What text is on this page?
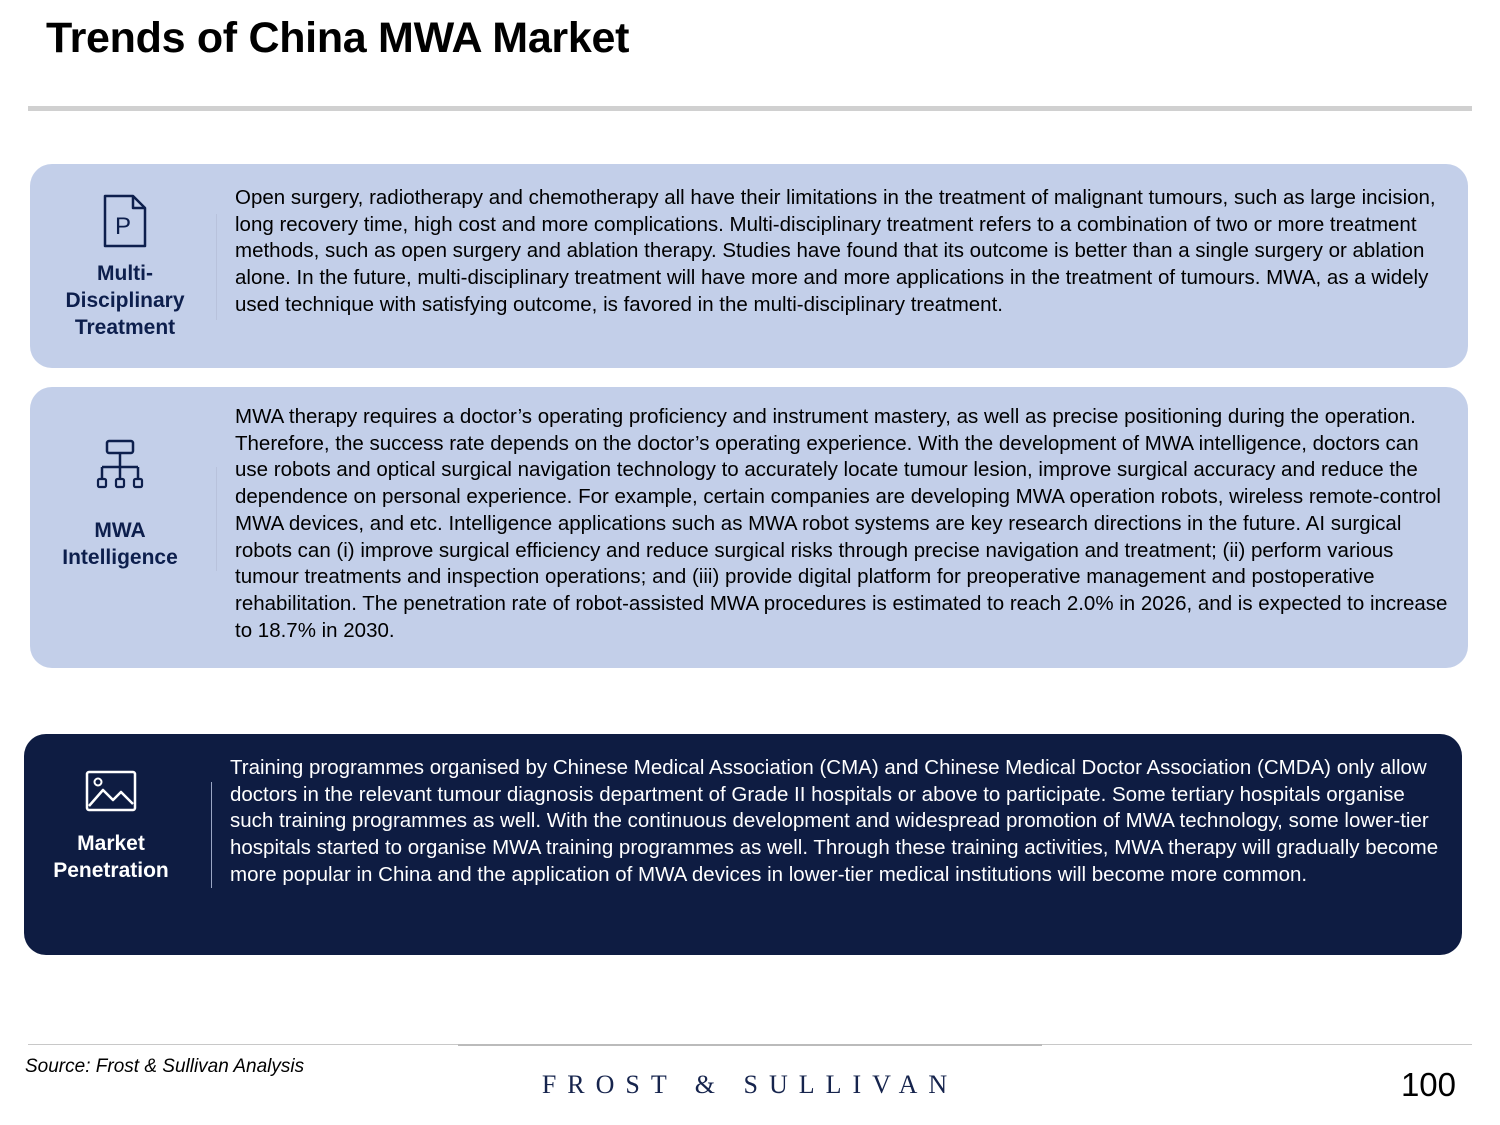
Trends of China MWA Market
P
Multi-Disciplinary Treatment
Open surgery, radiotherapy and chemotherapy all have their limitations in the treatment of malignant tumours, such as large incision, long recovery time, high cost and more complications. Multi-disciplinary treatment refers to a combination of two or more treatment methods, such as open surgery and ablation therapy. Studies have found that its outcome is better than a single surgery or ablation alone. In the future, multi-disciplinary treatment will have more and more applications in the treatment of tumours. MWA, as a widely used technique with satisfying outcome, is favored in the multi-disciplinary treatment.
MWA Intelligence
MWA therapy requires a doctor’s operating proficiency and instrument mastery, as well as precise positioning during the operation. Therefore, the success rate depends on the doctor’s operating experience. With the development of MWA intelligence, doctors can use robots and optical surgical navigation technology to accurately locate tumour lesion, improve surgical accuracy and reduce the dependence on personal experience. For example, certain companies are developing MWA operation robots, wireless remote-control MWA devices, and etc. Intelligence applications such as MWA robot systems are key research directions in the future. AI surgical robots can (i) improve surgical efficiency and reduce surgical risks through precise navigation and treatment; (ii) perform various tumour treatments and inspection operations; and (iii) provide digital platform for preoperative management and postoperative rehabilitation. The penetration rate of robot-assisted MWA procedures is estimated to reach 2.0% in 2026, and is expected to increase to 18.7% in 2030.
Market Penetration
Training programmes organised by Chinese Medical Association (CMA) and Chinese Medical Doctor Association (CMDA) only allow doctors in the relevant tumour diagnosis department of Grade II hospitals or above to participate. Some tertiary hospitals organise such training programmes as well. With the continuous development and widespread promotion of MWA technology, some lower-tier hospitals started to organise MWA training programmes as well. Through these training activities, MWA therapy will gradually become more popular in China and the application of MWA devices in lower-tier medical institutions will become more common.
Source: Frost & Sullivan Analysis
FROST & SULLIVAN	100
